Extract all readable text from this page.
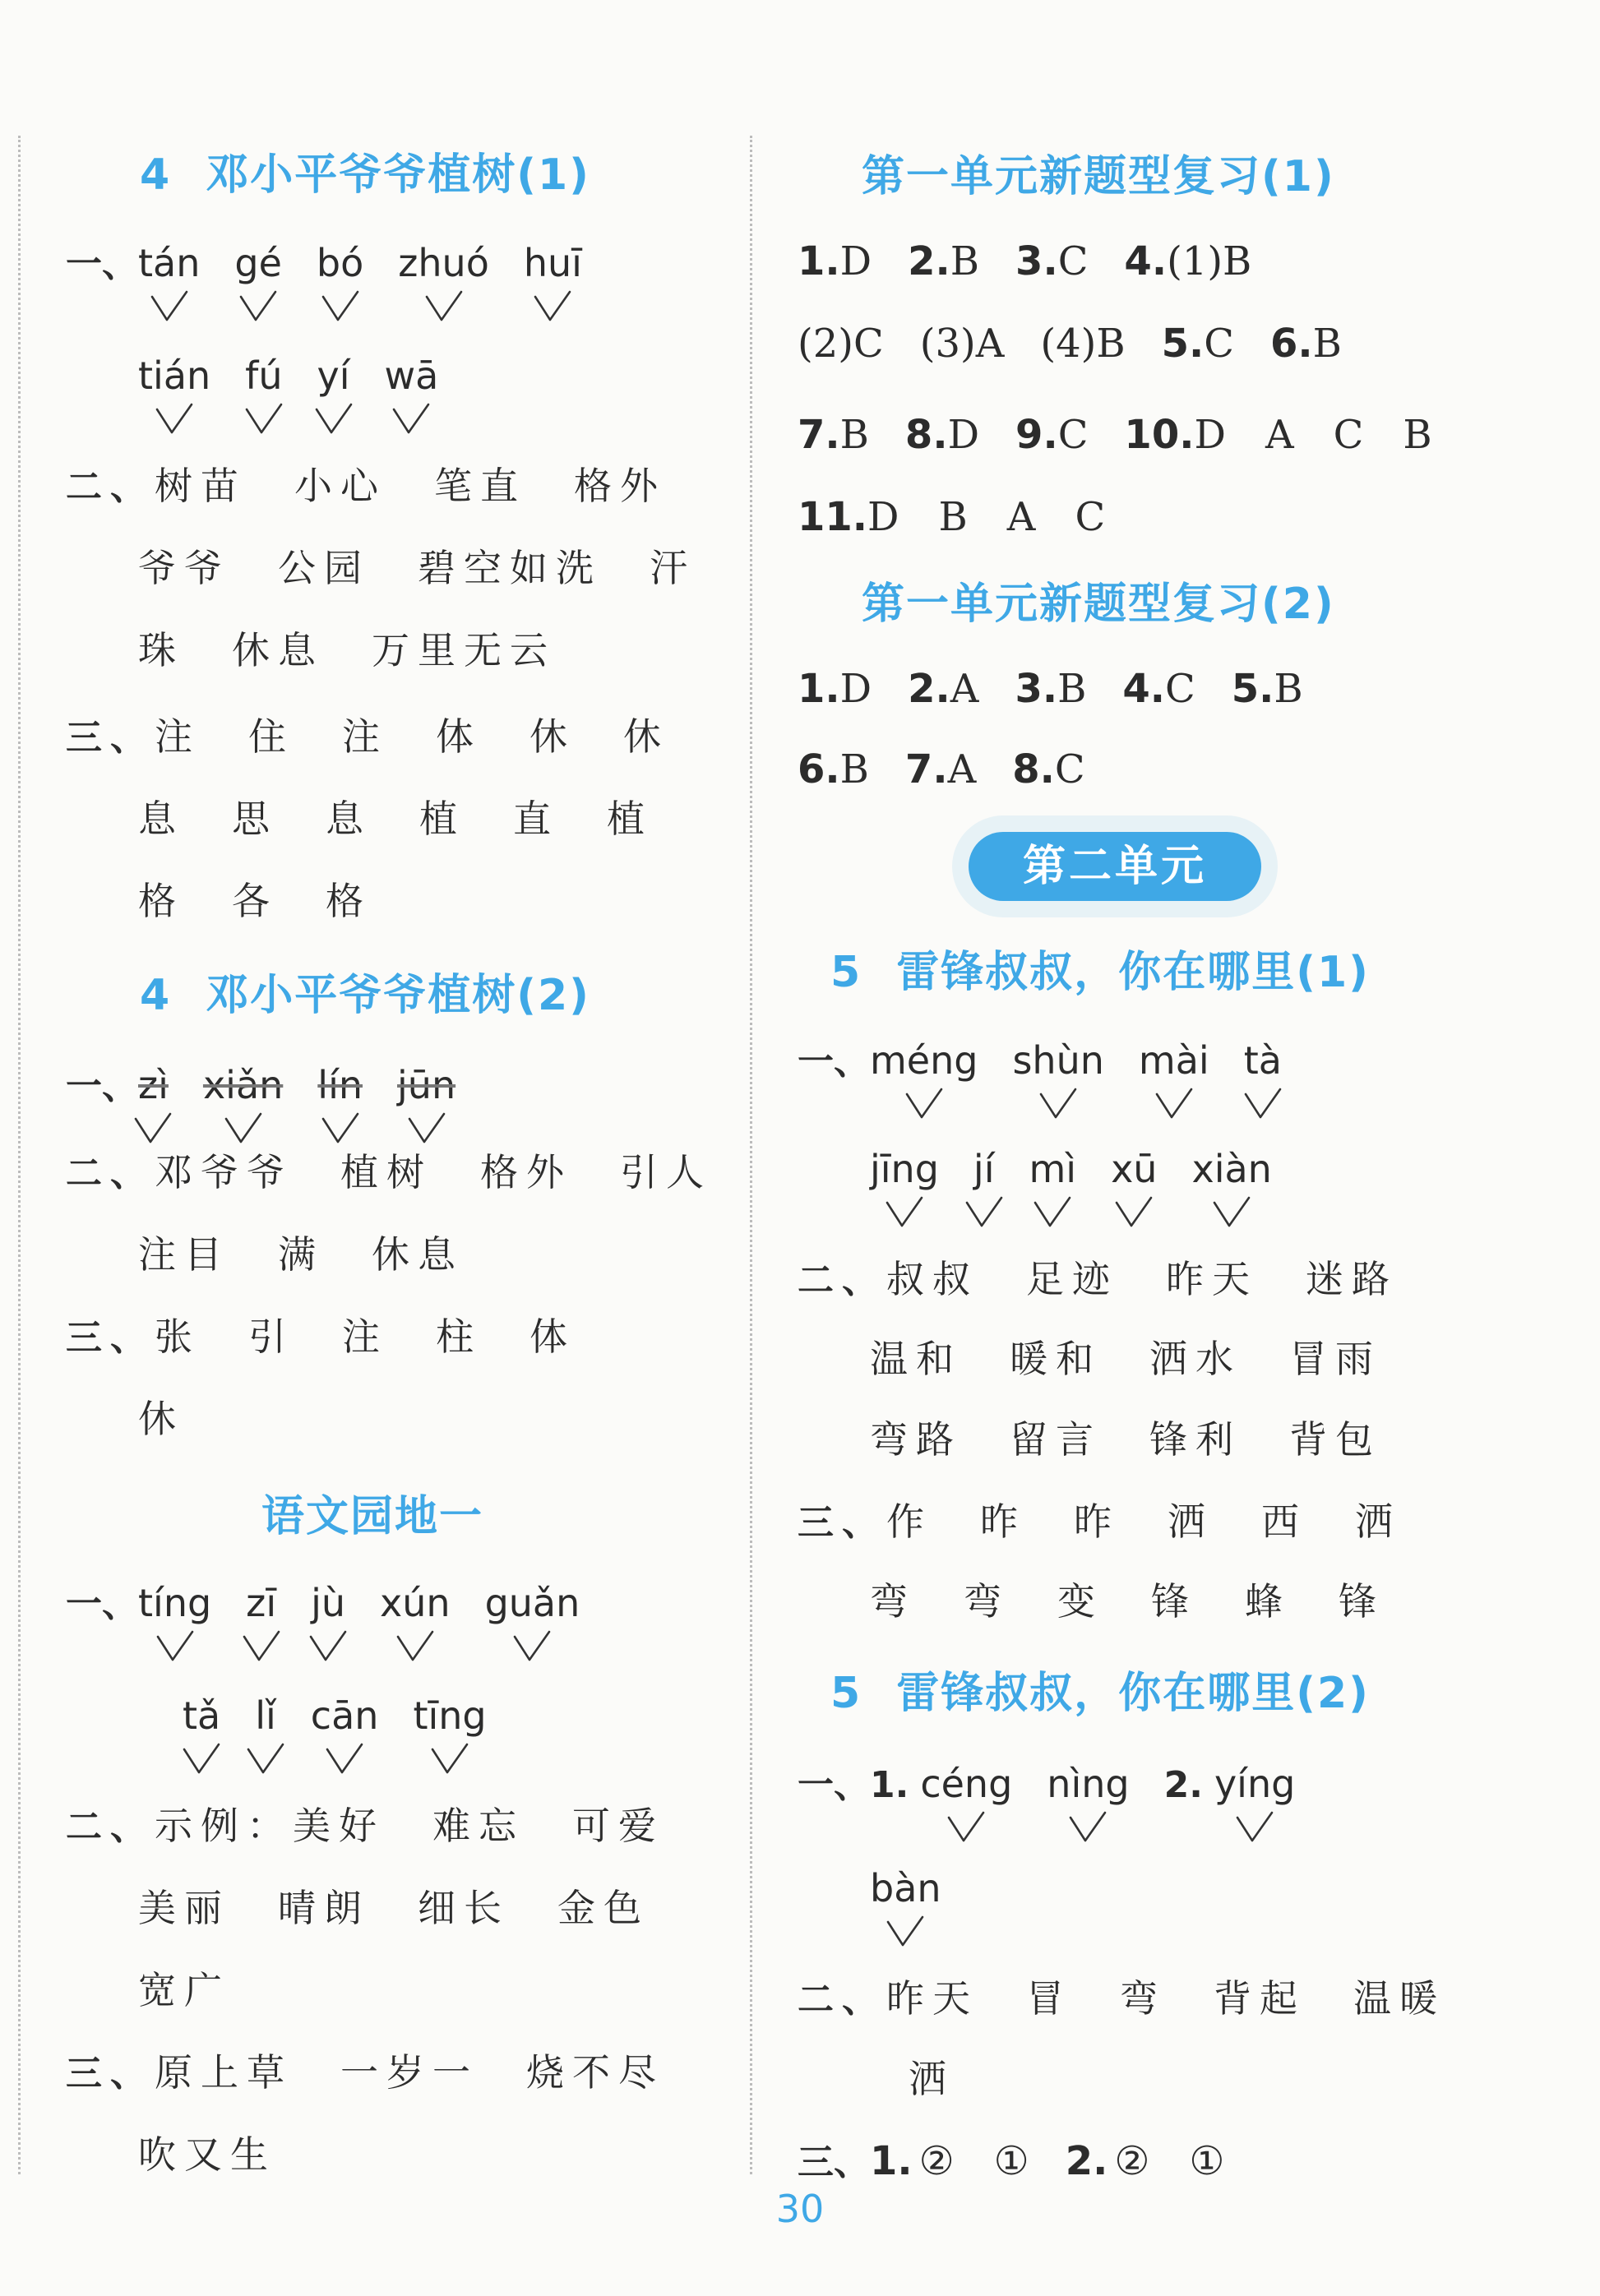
4 邓小平爷爷植树(1)
一、tán gé bó zhuó huī
tián fú yí wā
二、树苗 小心 笔直 格外
爷爷 公园 碧空如洗 汗
珠 休息 万里无云
三、注 住 注 体 休 休
息 思 息 植 直 植
格 各 格
4 邓小平爷爷植树(2)
一、zì xiǎn lín jūn
二、邓爷爷 植树 格外 引人
注目 满 休息
三、张 引 注 柱 体
休
语文园地一
一、tíng zī jù xún guǎn
tǎ lǐ cān tīng
二、示例：美好 难忘 可爱
美丽 晴朗 细长 金色
宽广
三、原上草 一岁一 烧不尽
吹又生
第一单元新题型复习(1)
1.D 2.B 3.C 4.(1)B
(2)C (3)A (4)B 5.C 6.B
7.B 8.D 9.C 10.D　A　C　B
11.D　B　A　C
第一单元新题型复习(2)
1.D 2.A 3.B 4.C 5.B
6.B 7.A 8.C
第二单元
5 雷锋叔叔，你在哪里(1)
一、méng shùn mài tà
jīng jí mì xū xiàn
二、叔叔 足迹 昨天 迷路
温和 暖和 洒水 冒雨
弯路 留言 锋利 背包
三、作 昨 昨 洒 西 洒
弯 弯 变 锋 蜂 锋
5 雷锋叔叔，你在哪里(2)
一、1. céng nìng 2. yíng
bàn
二、昨天 冒 弯 背起 温暖
洒
三、1. ②　① 2. ②　①
30
